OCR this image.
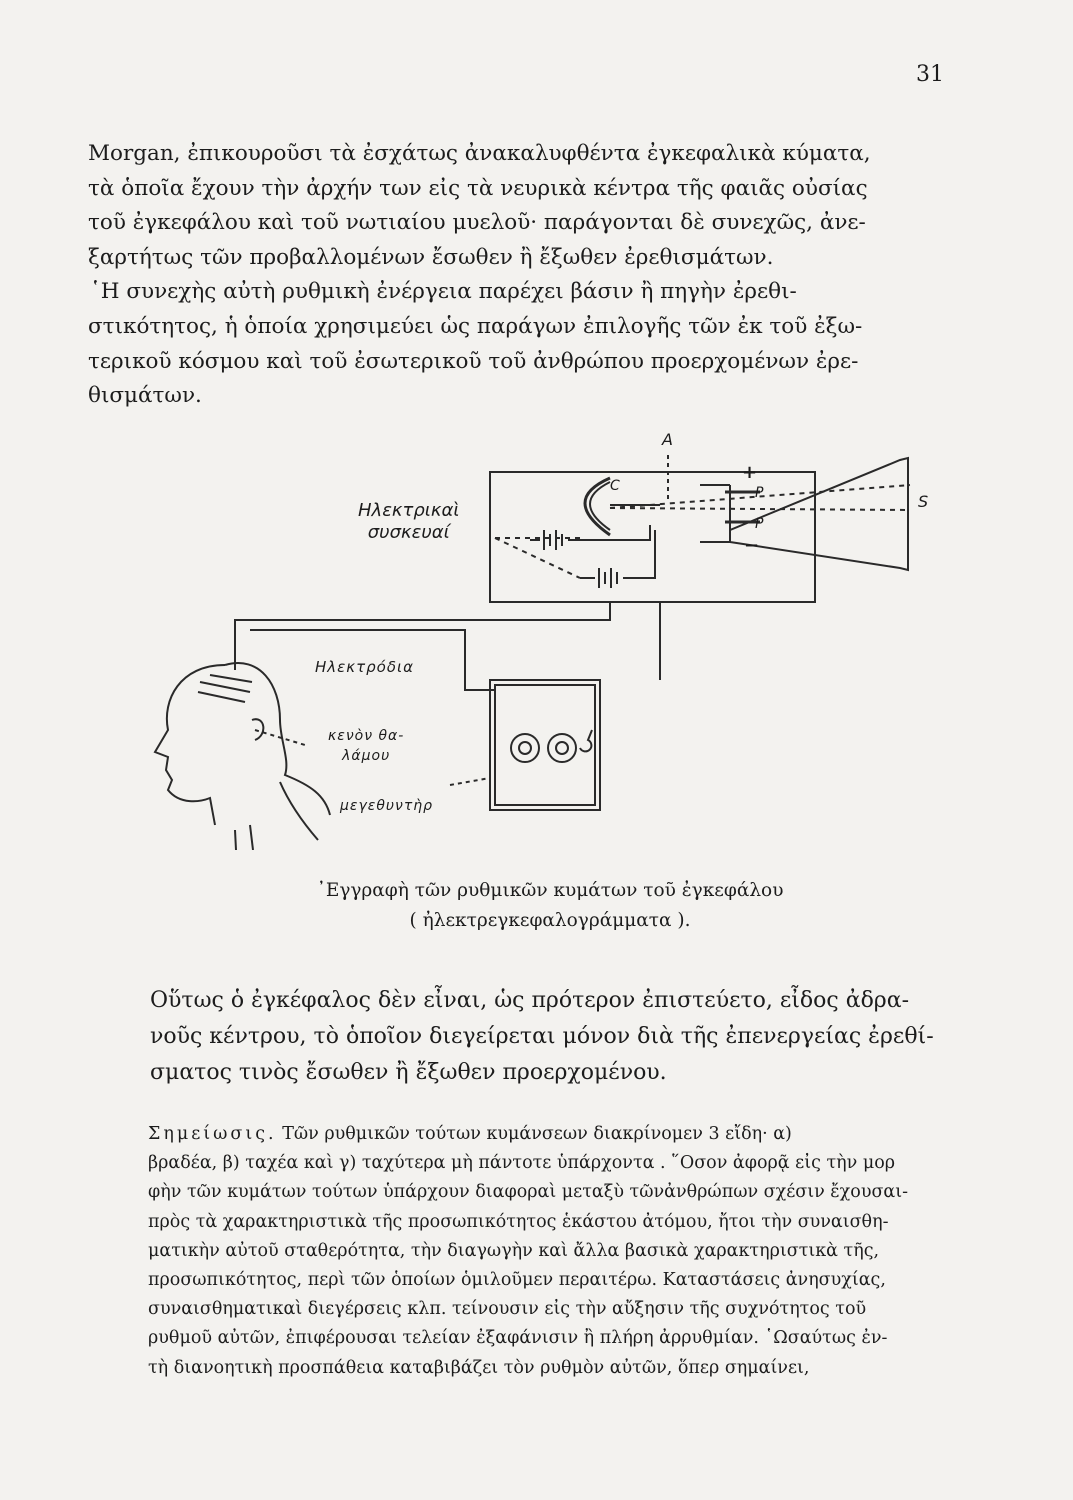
31
Morgan, ἐπικουροῦσι τὰ ἐσχάτως ἀνακαλυφθέντα ἐγκεφαλικὰ κύματα,
τὰ ὁποῖα ἔχουν τὴν ἀρχήν των εἰς τὰ νευρικὰ κέντρα τῆς φαιᾶς οὐσίας
τοῦ ἐγκεφάλου καὶ τοῦ νωτιαίου μυελοῦ· παράγονται δὲ συνεχῶς, ἀνε-
ξαρτήτως τῶν προβαλλομένων ἔσωθεν ἢ ἔξωθεν ἐρεθισμάτων.
῾Η συνεχὴς αὐτὴ ρυθμικὴ ἐνέργεια παρέχει βάσιν ἢ πηγὴν ἐρεθι-
στικότητος, ἡ ὁποία χρησιμεύει ὡς παράγων ἐπιλογῆς τῶν ἐκ τοῦ ἐξω-
τερικοῦ κόσμου καὶ τοῦ ἐσωτερικοῦ τοῦ ἀνθρώπου προερχομένων ἐρε-
θισμάτων.
A
+
−
C	P
P
S
Ηλεκτρικαὶ
συσκευαί
Ηλεκτρόδια
κενὸν θα-
λάμου
μεγεθυντὴρ
᾿Εγγραφὴ τῶν ρυθμικῶν κυμάτων τοῦ ἐγκεφάλου
( ἠλεκτρεγκεφαλογράμματα ).
Οὕτως ὁ ἐγκέφαλος δὲν εἶναι, ὡς πρότερον ἐπιστεύετο, εἶδος ἀδρα-
νοῦς κέντρου, τὸ ὁποῖον διεγείρεται μόνον διὰ τῆς ἐπενεργείας ἐρεθί-
σματος τινὸς ἔσωθεν ἢ ἔξωθεν προερχομένου.
Σημείωσις. Τῶν ρυθμικῶν τούτων κυμάνσεων διακρίνομεν 3 εἴδη· α)
βραδέα, β) ταχέα καὶ γ) ταχύτερα μὴ πάντοτε ὑπάρχοντα . ῞Οσον ἀφορᾷ εἰς τὴν μορ
φὴν τῶν κυμάτων τούτων ὑπάρχουν διαφοραὶ μεταξὺ τῶνἀνθρώπων σχέσιν ἔχουσαι-
πρὸς τὰ χαρακτηριστικὰ τῆς προσωπικότητος ἑκάστου ἀτόμου, ἤτοι τὴν συναισθη-
ματικὴν αὐτοῦ σταθερότητα, τὴν διαγωγὴν καὶ ἄλλα βασικὰ χαρακτηριστικὰ τῆς,
προσωπικότητος, περὶ τῶν ὁποίων ὁμιλοῦμεν περαιτέρω. Καταστάσεις ἀνησυχίας,
συναισθηματικαὶ διεγέρσεις κλπ. τείνουσιν εἰς τὴν αὔξησιν τῆς συχνότητος τοῦ
ρυθμοῦ αὐτῶν, ἐπιφέρουσαι τελείαν ἐξαφάνισιν ἢ πλήρη ἀρρυθμίαν. ῾Ωσαύτως ἐν-
τὴ διανοητικὴ προσπάθεια καταβιβάζει τὸν ρυθμὸν αὐτῶν, ὅπερ σημαίνει,
